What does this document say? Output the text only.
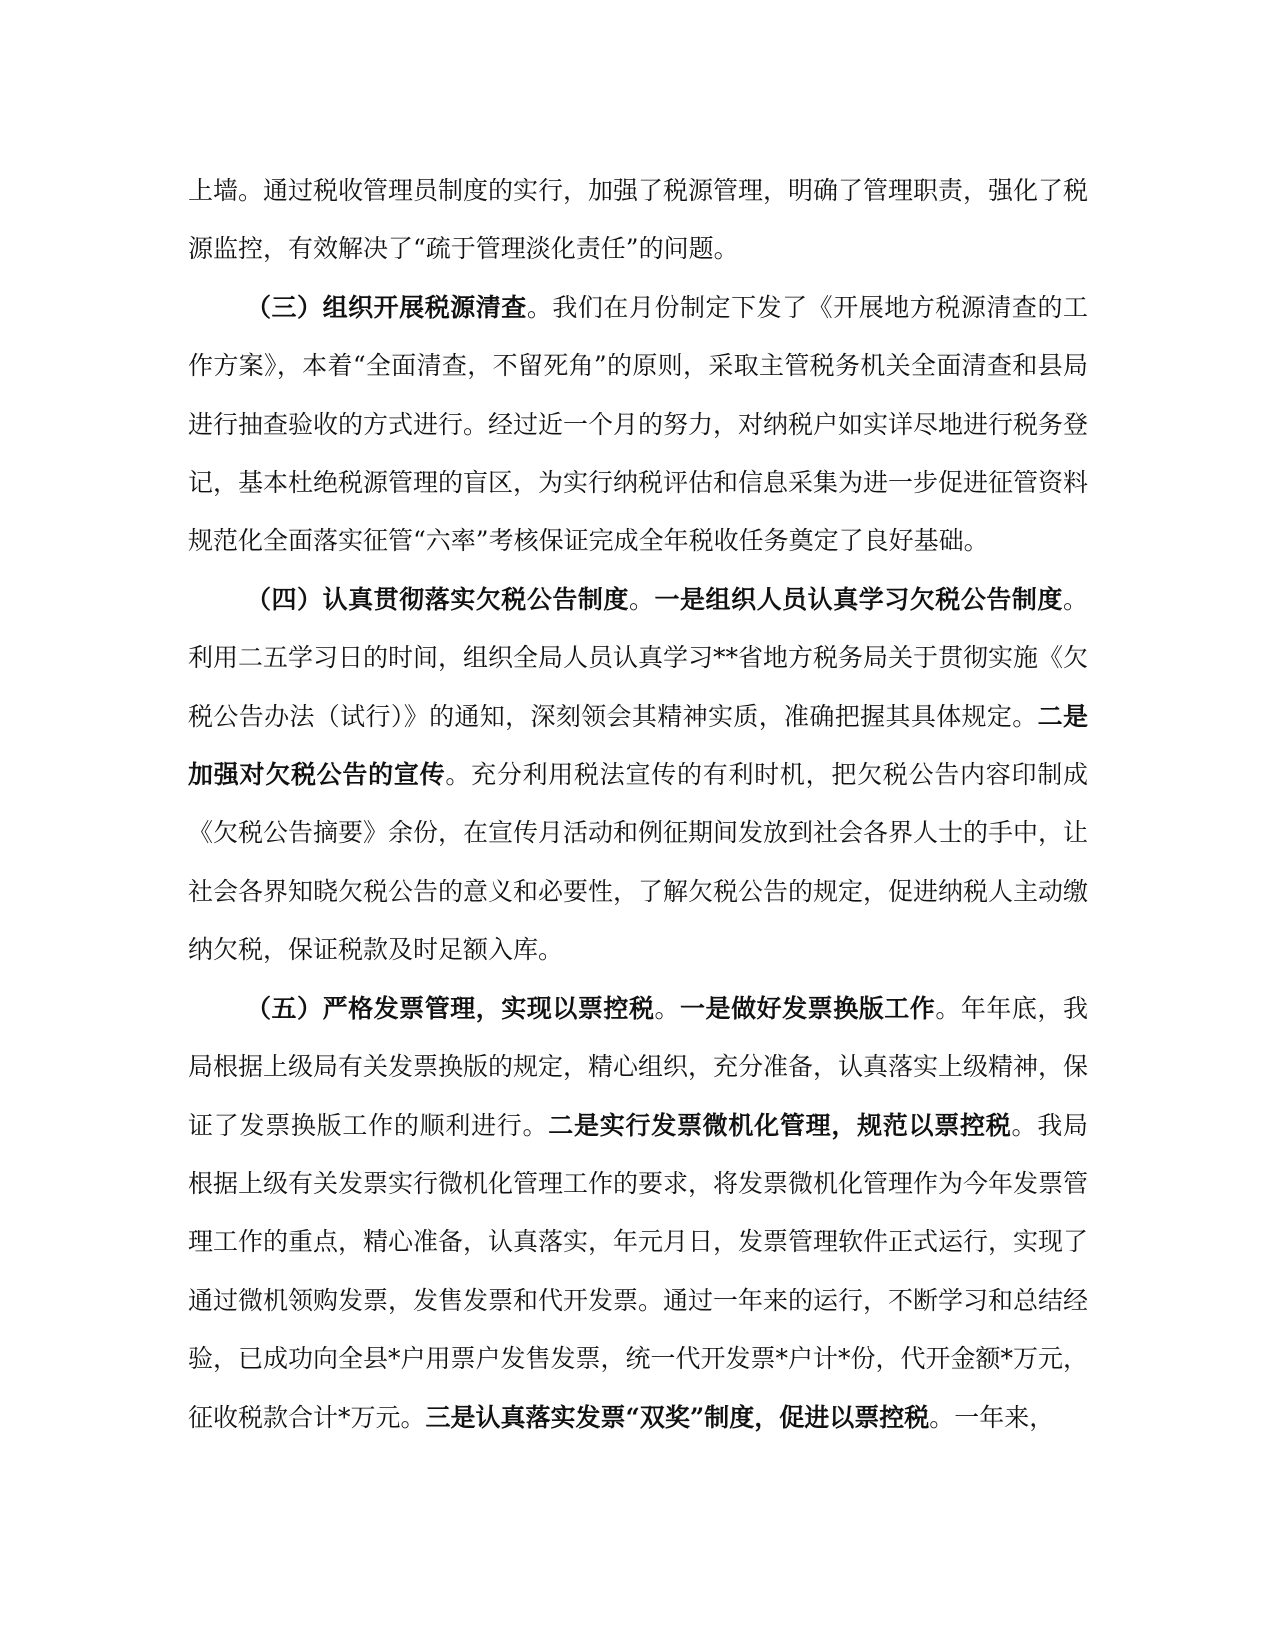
上墙。通过税收管理员制度的实行，加强了税源管理，明确了管理职责，强化了税源监控，有效解决了“疏于管理淡化责任”的问题。

（三）组织开展税源清查。我们在月份制定下发了《开展地方税源清查的工作方案》，本着“全面清查，不留死角”的原则，采取主管税务机关全面清查和县局进行抽查验收的方式进行。经过近一个月的努力，对纳税户如实详尽地进行税务登记，基本杜绝税源管理的盲区，为实行纳税评估和信息采集为进一步促进征管资料规范化全面落实征管“六率”考核保证完成全年税收任务奠定了良好基础。

（四）认真贯彻落实欠税公告制度。一是组织人员认真学习欠税公告制度。利用二五学习日的时间，组织全局人员认真学习**省地方税务局关于贯彻实施《欠税公告办法（试行）》的通知，深刻领会其精神实质，准确把握其具体规定。二是加强对欠税公告的宣传。充分利用税法宣传的有利时机，把欠税公告内容印制成《欠税公告摘要》余份，在宣传月活动和例征期间发放到社会各界人士的手中，让社会各界知晓欠税公告的意义和必要性，了解欠税公告的规定，促进纳税人主动缴纳欠税，保证税款及时足额入库。

（五）严格发票管理，实现以票控税。一是做好发票换版工作。年年底，我局根据上级局有关发票换版的规定，精心组织，充分准备，认真落实上级精神，保证了发票换版工作的顺利进行。二是实行发票微机化管理，规范以票控税。我局根据上级有关发票实行微机化管理工作的要求，将发票微机化管理作为今年发票管理工作的重点，精心准备，认真落实，年元月日，发票管理软件正式运行，实现了通过微机领购发票，发售发票和代开发票。通过一年来的运行，不断学习和总结经验，已成功向全县*户用票户发售发票，统一代开发票*户计*份，代开金额*万元，征收税款合计*万元。三是认真落实发票“双奖”制度，促进以票控税。一年来，
